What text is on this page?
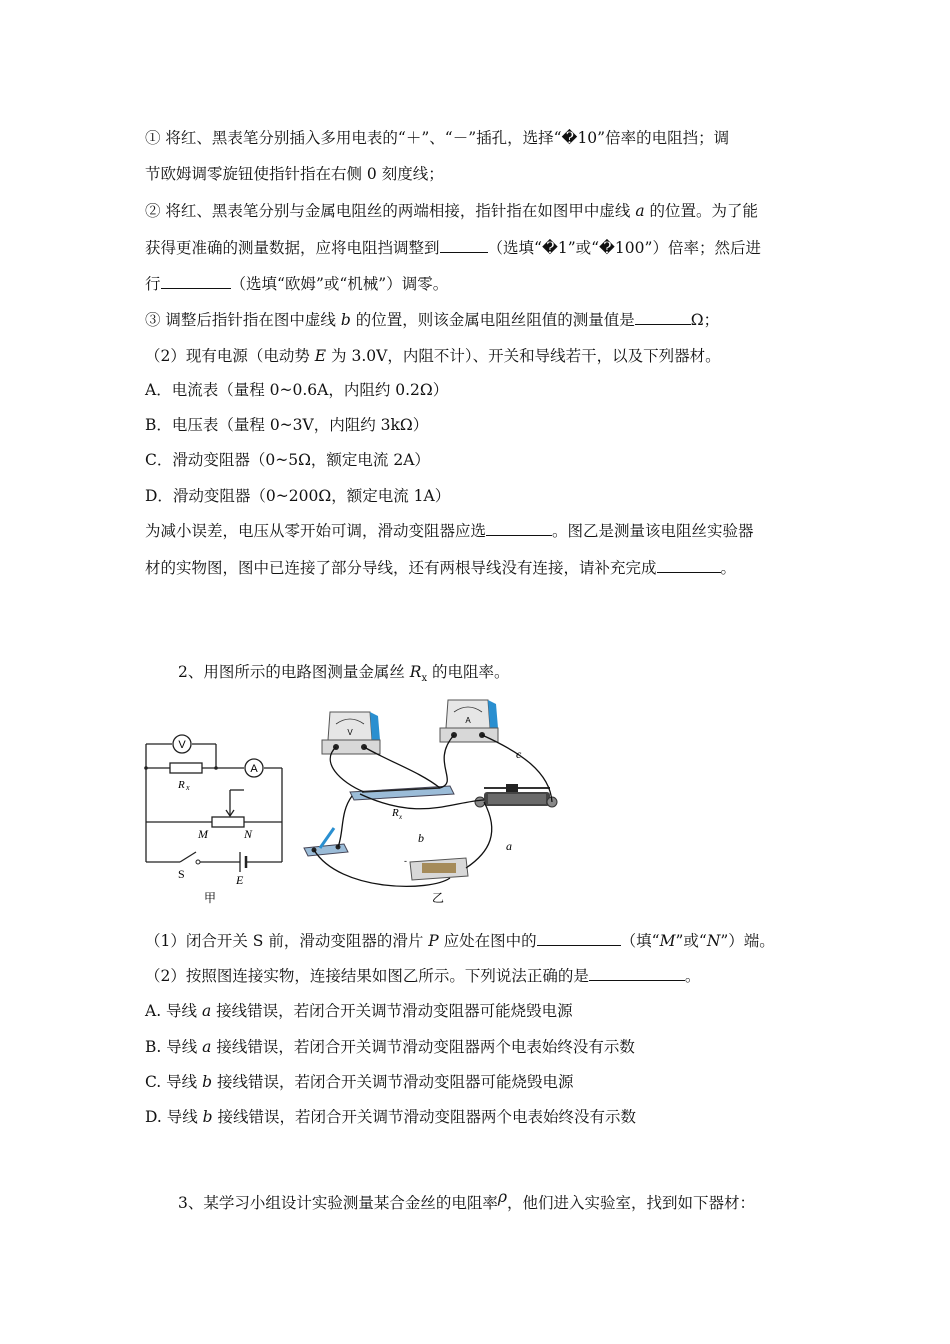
① 将红、黑表笔分别插入多用电表的“＋”、“－”插孔，选择“�10”倍率的电阻挡；调
节欧姆调零旋钮使指针指在右侧 0 刻度线；
② 将红、黑表笔分别与金属电阻丝的两端相接，指针指在如图甲中虚线 a 的位置。为了能
获得更准确的测量数据，应将电阻挡调整到	（选填“�1”或“�100”）倍率；然后进
行	（选填“欧姆”或“机械”）调零。
③ 调整后指针指在图中虚线 b 的位置，则该金属电阻丝阻值的测量值是	Ω；
（2）现有电源（电动势 E 为 3.0V，内阻不计）、开关和导线若干，以及下列器材。
A．电流表（量程 0~0.6A，内阻约 0.2Ω）
B．电压表（量程 0~3V，内阻约 3kΩ）
C．滑动变阻器（0~5Ω，额定电流 2A）
D．滑动变阻器（0~200Ω，额定电流 1A）
为减小误差，电压从零开始可调，滑动变阻器应选	。图乙是测量该电阻丝实验器
材的实物图，图中已连接了部分导线，还有两根导线没有连接，请补充完成	。
2、用图所示的电路图测量金属丝 $R_x$ 的电阻率。
V
A
R x
M	N
S	E
甲
V
A
R x
-
c
b
a
乙
（1）闭合开关 S 前，滑动变阻器的滑片 P 应处在图中的	（填“M”或“N”）端。
（2）按照图连接实物，连接结果如图乙所示。下列说法正确的是	。
A. 导线 a 接线错误，若闭合开关调节滑动变阻器可能烧毁电源
B. 导线 a 接线错误，若闭合开关调节滑动变阻器两个电表始终没有示数
C. 导线 b 接线错误，若闭合开关调节滑动变阻器可能烧毁电源
D. 导线 b 接线错误，若闭合开关调节滑动变阻器两个电表始终没有示数
3、某学习小组设计实验测量某合金丝的电阻率ρ，他们进入实验室，找到如下器材：
